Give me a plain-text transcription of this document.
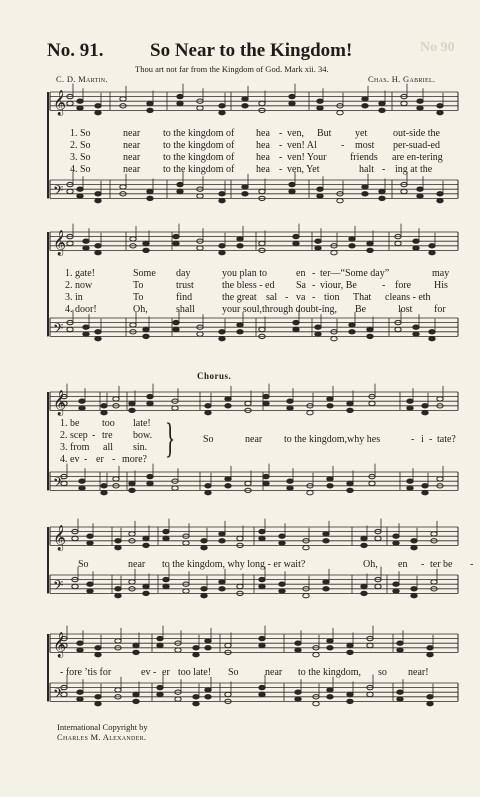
No. 91. So Near to the Kingdom!	No 90
Thou art not far from the Kingdom of God. Mark xii. 34.
C. D. Martin.	Chas. H. Gabriel.
𝄞
𝄢
𝄞
𝄢
𝄞
𝄢
𝄞
𝄢
𝄞
𝄢
1. So	near to the kingdom of hea - ven, But yet	out-side the
2. So	near to the kingdom of hea - ven! Al - most per-suad-ed
3. So	near to the kingdom of hea - ven! Your friends are en-tering
4. So	near to the kingdom of hea - ven, Yet	halt - ing at the
1. gate!	Some day	you plan to	en - ter—“Some day”	may
2. now	To	trust	the bless - ed Sa - viour, Be	- fore His
3. in	To	find	the great sal - va - tion That cleans - eth
4. door!	Oh,	shall	your soul,through doubt-ing, Be	lost for
Chorus.
1. be too late!
2. scep - tre bow.
3. from all sin.
4. ev - er - more? }	So	near to the kingdom,why hes	- i - tate?
So	near to the kingdom, why long - er wait?	Oh, en - ter be -
- fore ’tis for	ev - er too late! So	near to the kingdom, so near!
International Copyright by
Charles M. Alexander.
